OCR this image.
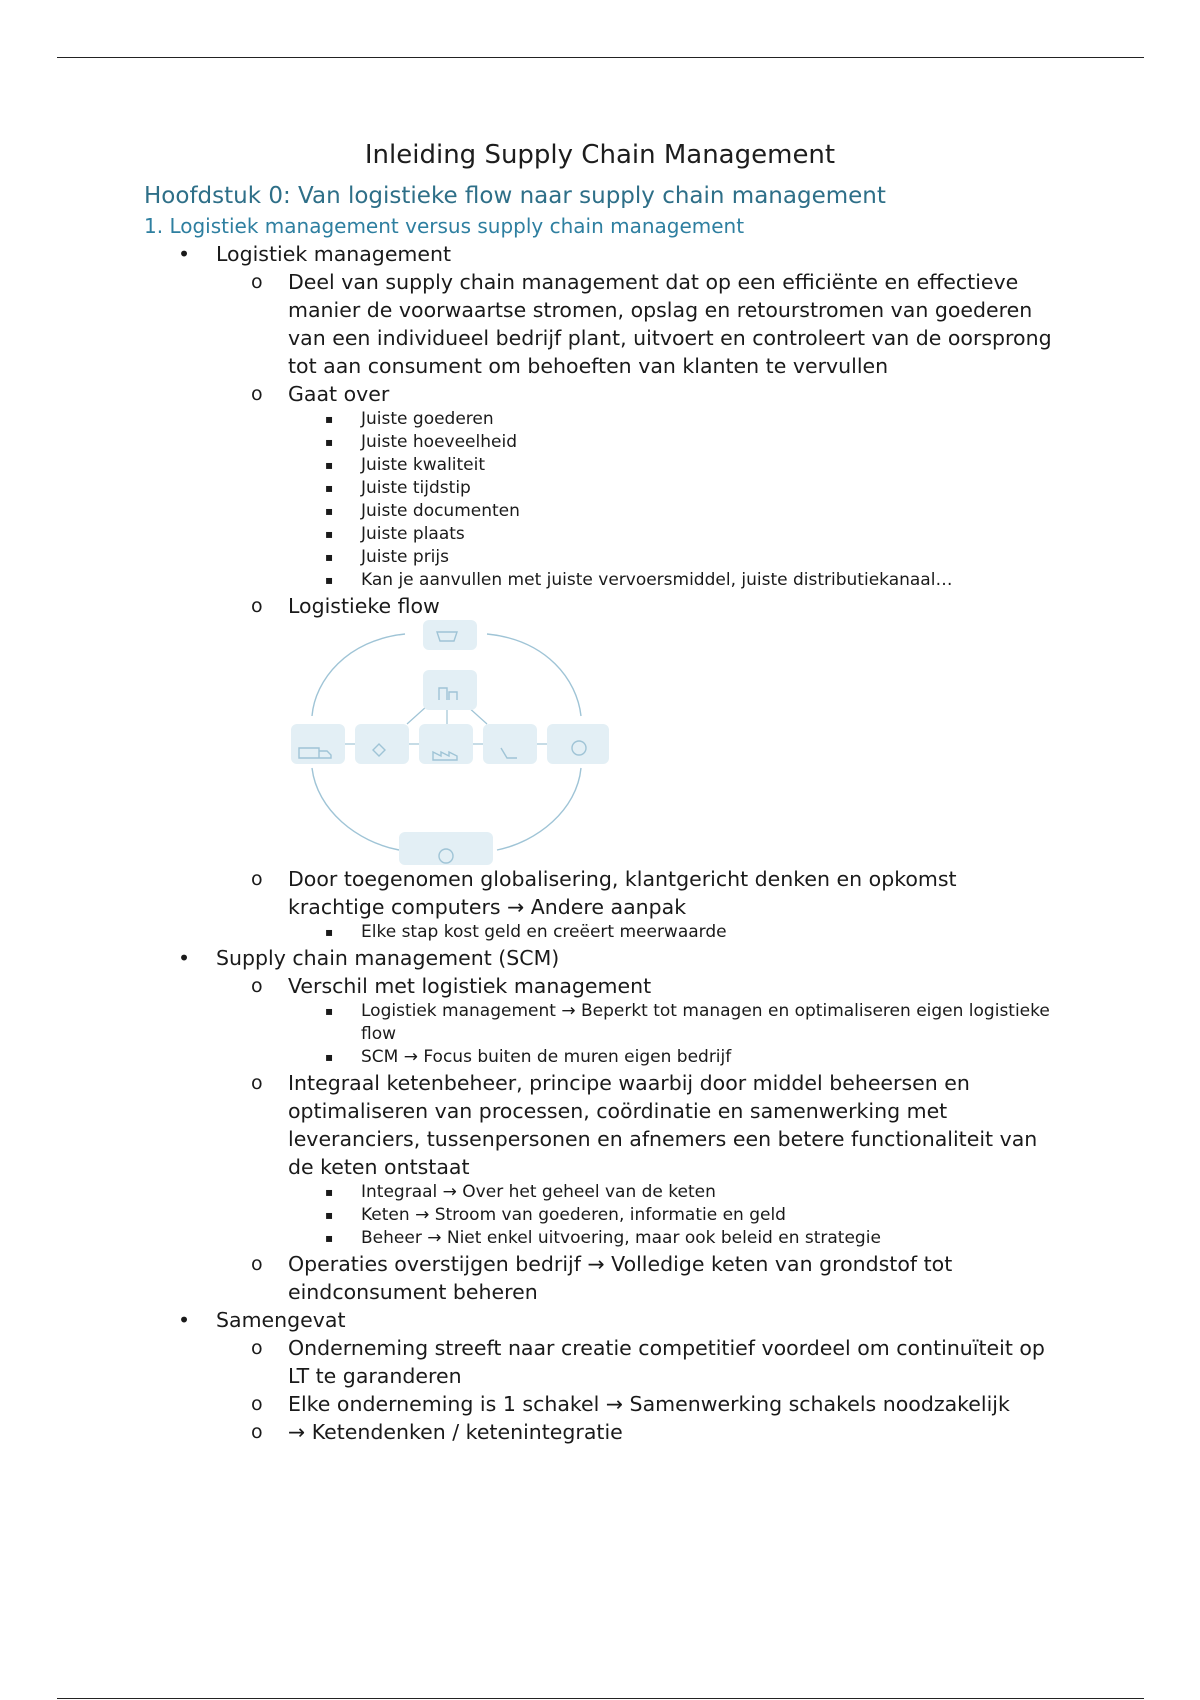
Inleiding Supply Chain Management
Hoofdstuk 0: Van logistieke flow naar supply chain management
1. Logistiek management versus supply chain management
• Logistiek management
o Deel van supply chain management dat op een efficiënte en effectieve manier de voorwaartse stromen, opslag en retourstromen van goederen van een individueel bedrijf plant, uitvoert en controleert van de oorsprong tot aan consument om behoeften van klanten te vervullen
o Gaat over
▪ Juiste goederen
▪ Juiste hoeveelheid
▪ Juiste kwaliteit
▪ Juiste tijdstip
▪ Juiste documenten
▪ Juiste plaats
▪ Juiste prijs
▪ Kan je aanvullen met juiste vervoersmiddel, juiste distributiekanaal…
o Logistieke flow
o Door toegenomen globalisering, klantgericht denken en opkomst krachtige computers → Andere aanpak
▪ Elke stap kost geld en creëert meerwaarde
• Supply chain management (SCM)
o Verschil met logistiek management
▪ Logistiek management → Beperkt tot managen en optimaliseren eigen logistieke flow
▪ SCM → Focus buiten de muren eigen bedrijf
o Integraal ketenbeheer, principe waarbij door middel beheersen en optimaliseren van processen, coördinatie en samenwerking met leveranciers, tussenpersonen en afnemers een betere functionaliteit van de keten ontstaat
▪ Integraal → Over het geheel van de keten
▪ Keten → Stroom van goederen, informatie en geld
▪ Beheer → Niet enkel uitvoering, maar ook beleid en strategie
o Operaties overstijgen bedrijf → Volledige keten van grondstof tot eindconsument beheren
• Samengevat
o Onderneming streeft naar creatie competitief voordeel om continuïteit op LT te garanderen
o Elke onderneming is 1 schakel → Samenwerking schakels noodzakelijk
o → Ketendenken / ketenintegratie
